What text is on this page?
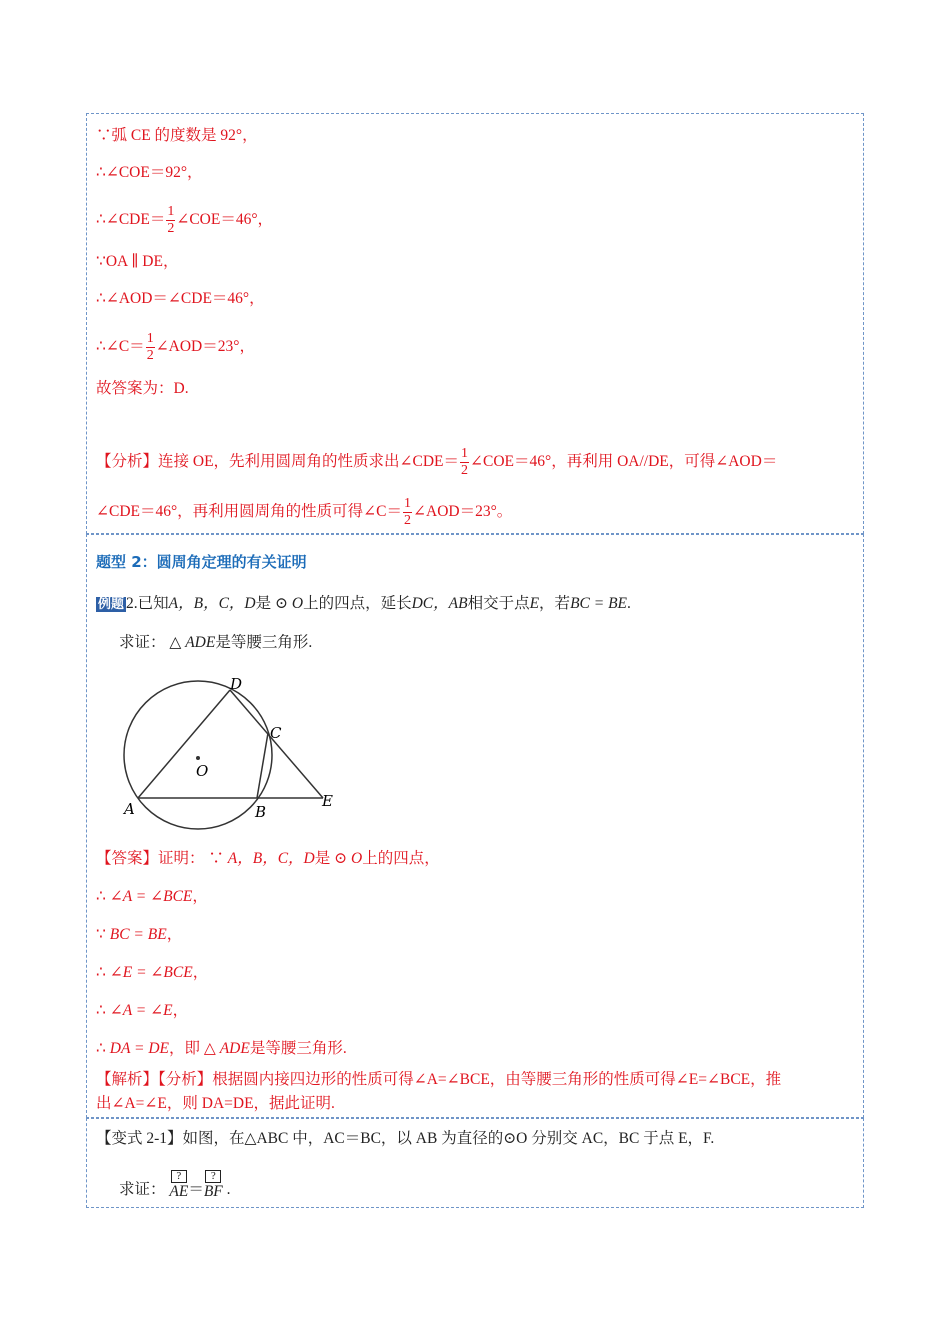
∵弧 CE 的度数是 92°，
∴∠COE＝92°，
∴∠CDE＝ $\frac{1}{2}$ ∠COE＝46°，
∵OA ∥ DE，
∴∠AOD＝∠CDE＝46°，
∴∠C＝ $\frac{1}{2}$ ∠AOD＝23°，
故答案为：D.
【分析】连接 OE，先利用圆周角的性质求出∠CDE＝ $\frac{1}{2}$ ∠COE＝46°，再利用 OA//DE，可得∠AOD＝
∠CDE＝46°，再利用圆周角的性质可得∠C＝ $\frac{1}{2}$ ∠AOD＝23°。
题型 2：圆周角定理的有关证明
例题 2.已知A，B，C，D是 ⊙ O上的四点，延长DC，AB相交于点E，若BC = BE.
求证： △ ADE是等腰三角形.
A	B
C
D
E
O
【答案】证明： ∵ A，B，C，D是 ⊙ O上的四点，
∴ ∠A = ∠BCE，
∵ BC = BE，
∴ ∠E = ∠BCE，
∴ ∠A = ∠E，
∴ DA = DE，即 △ ADE是等腰三角形.
【解析】【分析】根据圆内接四边形的性质可得∠A=∠BCE，由等腰三角形的性质可得∠E=∠BCE，推
出∠A=∠E，则 DA=DE，据此证明.
【变式 2-1】如图，在△ABC 中，AC＝BC，以 AB 为直径的⊙O 分别交 AC，BC 于点 E，F.
求证：
?
AE＝
?
BF .
